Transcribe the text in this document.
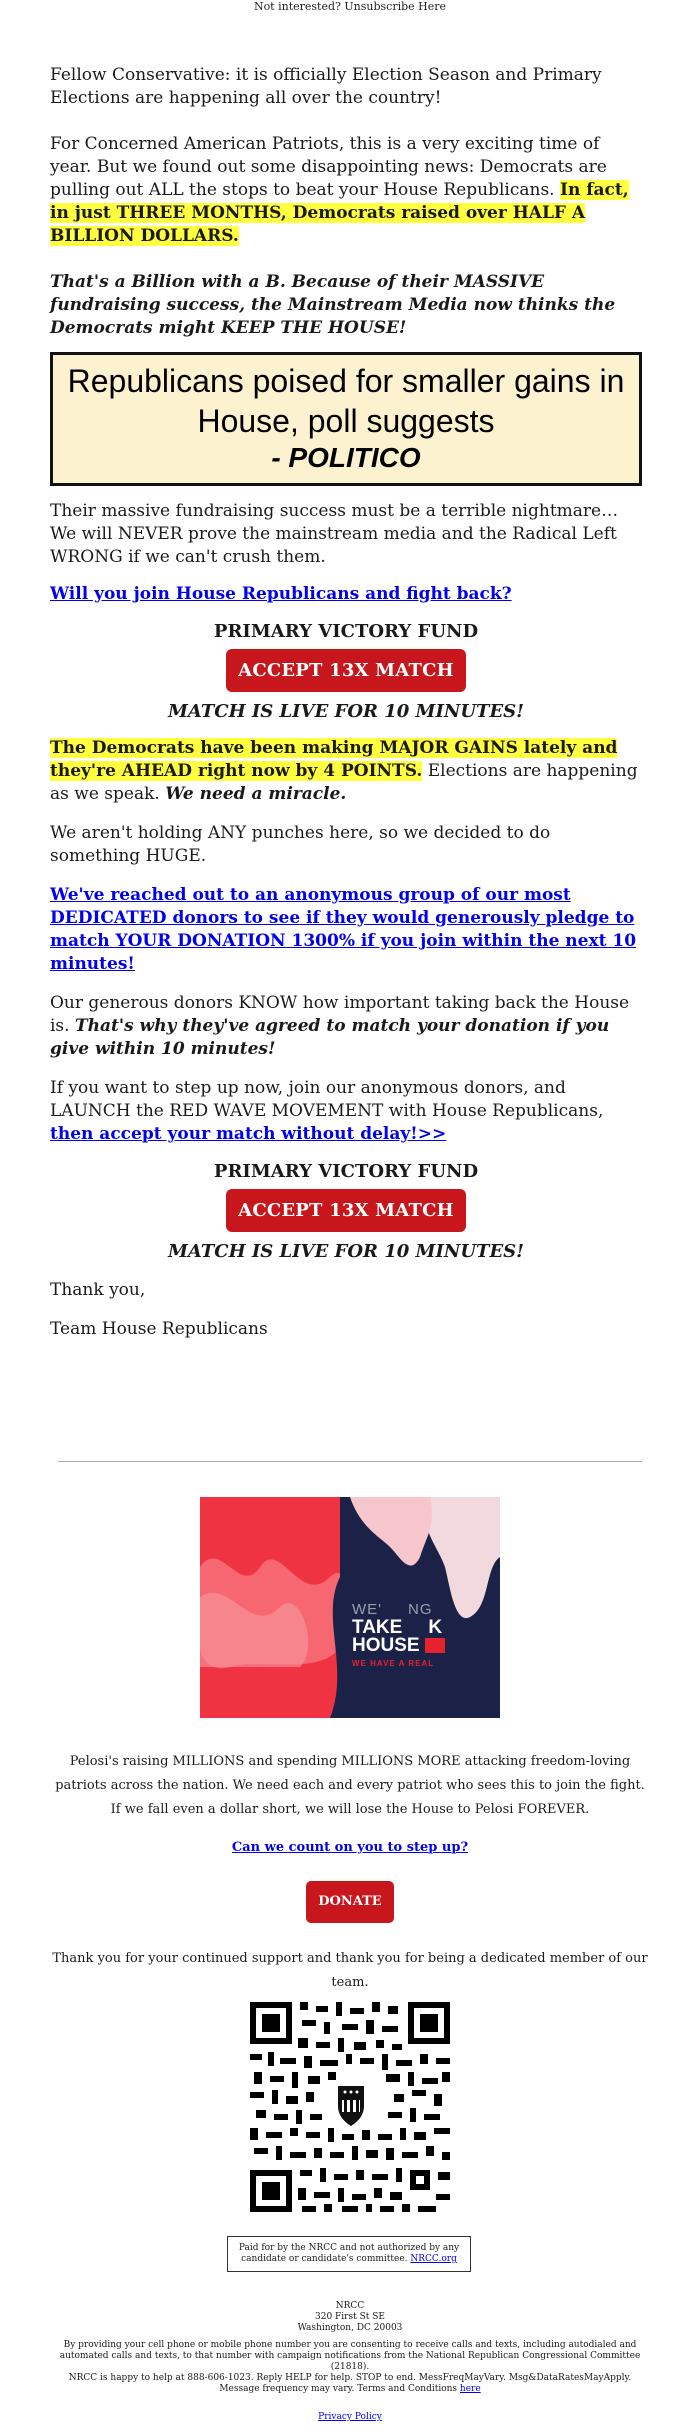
Not interested? Unsubscribe Here

Fellow Conservative: it is officially Election Season and Primary Elections are happening all over the country!

For Concerned American Patriots, this is a very exciting time of year. But we found out some disappointing news: Democrats are pulling out ALL the stops to beat your House Republicans. In fact, in just THREE MONTHS, Democrats raised over HALF A BILLION DOLLARS.

That's a Billion with a B. Because of their MASSIVE fundraising success, the Mainstream Media now thinks the Democrats might KEEP THE HOUSE!

Republicans poised for smaller gains in House, poll suggests
- POLITICO

Their massive fundraising success must be a terrible nightmare… We will NEVER prove the mainstream media and the Radical Left WRONG if we can't crush them.

Will you join House Republicans and fight back?

PRIMARY VICTORY FUND
ACCEPT 13X MATCH
MATCH IS LIVE FOR 10 MINUTES!

The Democrats have been making MAJOR GAINS lately and they're AHEAD right now by 4 POINTS. Elections are happening as we speak. We need a miracle.

We aren't holding ANY punches here, so we decided to do something HUGE.

We've reached out to an anonymous group of our most DEDICATED donors to see if they would generously pledge to match YOUR DONATION 1300% if you join within the next 10 minutes!

Our generous donors KNOW how important taking back the House is. That's why they've agreed to match your donation if you give within 10 minutes!

If you want to step up now, join our anonymous donors, and LAUNCH the RED WAVE MOVEMENT with House Republicans, then accept your match without delay!>>

PRIMARY VICTORY FUND
ACCEPT 13X MATCH
MATCH IS LIVE FOR 10 MINUTES!

Thank you,

Team House Republicans

WE' NG
TAKE K
HOUSE
WE HAVE A REAL
Pelosi's raising MILLIONS and spending MILLIONS MORE attacking freedom-loving patriots across the nation. We need each and every patriot who sees this to join the fight. If we fall even a dollar short, we will lose the House to Pelosi FOREVER.
Can we count on you to step up?
DONATE
Thank you for your continued support and thank you for being a dedicated member of our team.
Paid for by the NRCC and not authorized by any candidate or candidate's committee. NRCC.org
NRCC
320 First St SE
Washington, DC 20003
By providing your cell phone or mobile phone number you are consenting to receive calls and texts, including autodialed and automated calls and texts, to that number with campaign notifications from the National Republican Congressional Committee (21818).
NRCC is happy to help at 888-606-1023. Reply HELP for help. STOP to end. MessFreqMayVary. Msg&DataRatesMayApply. Message frequency may vary. Terms and Conditions here
Privacy Policy
